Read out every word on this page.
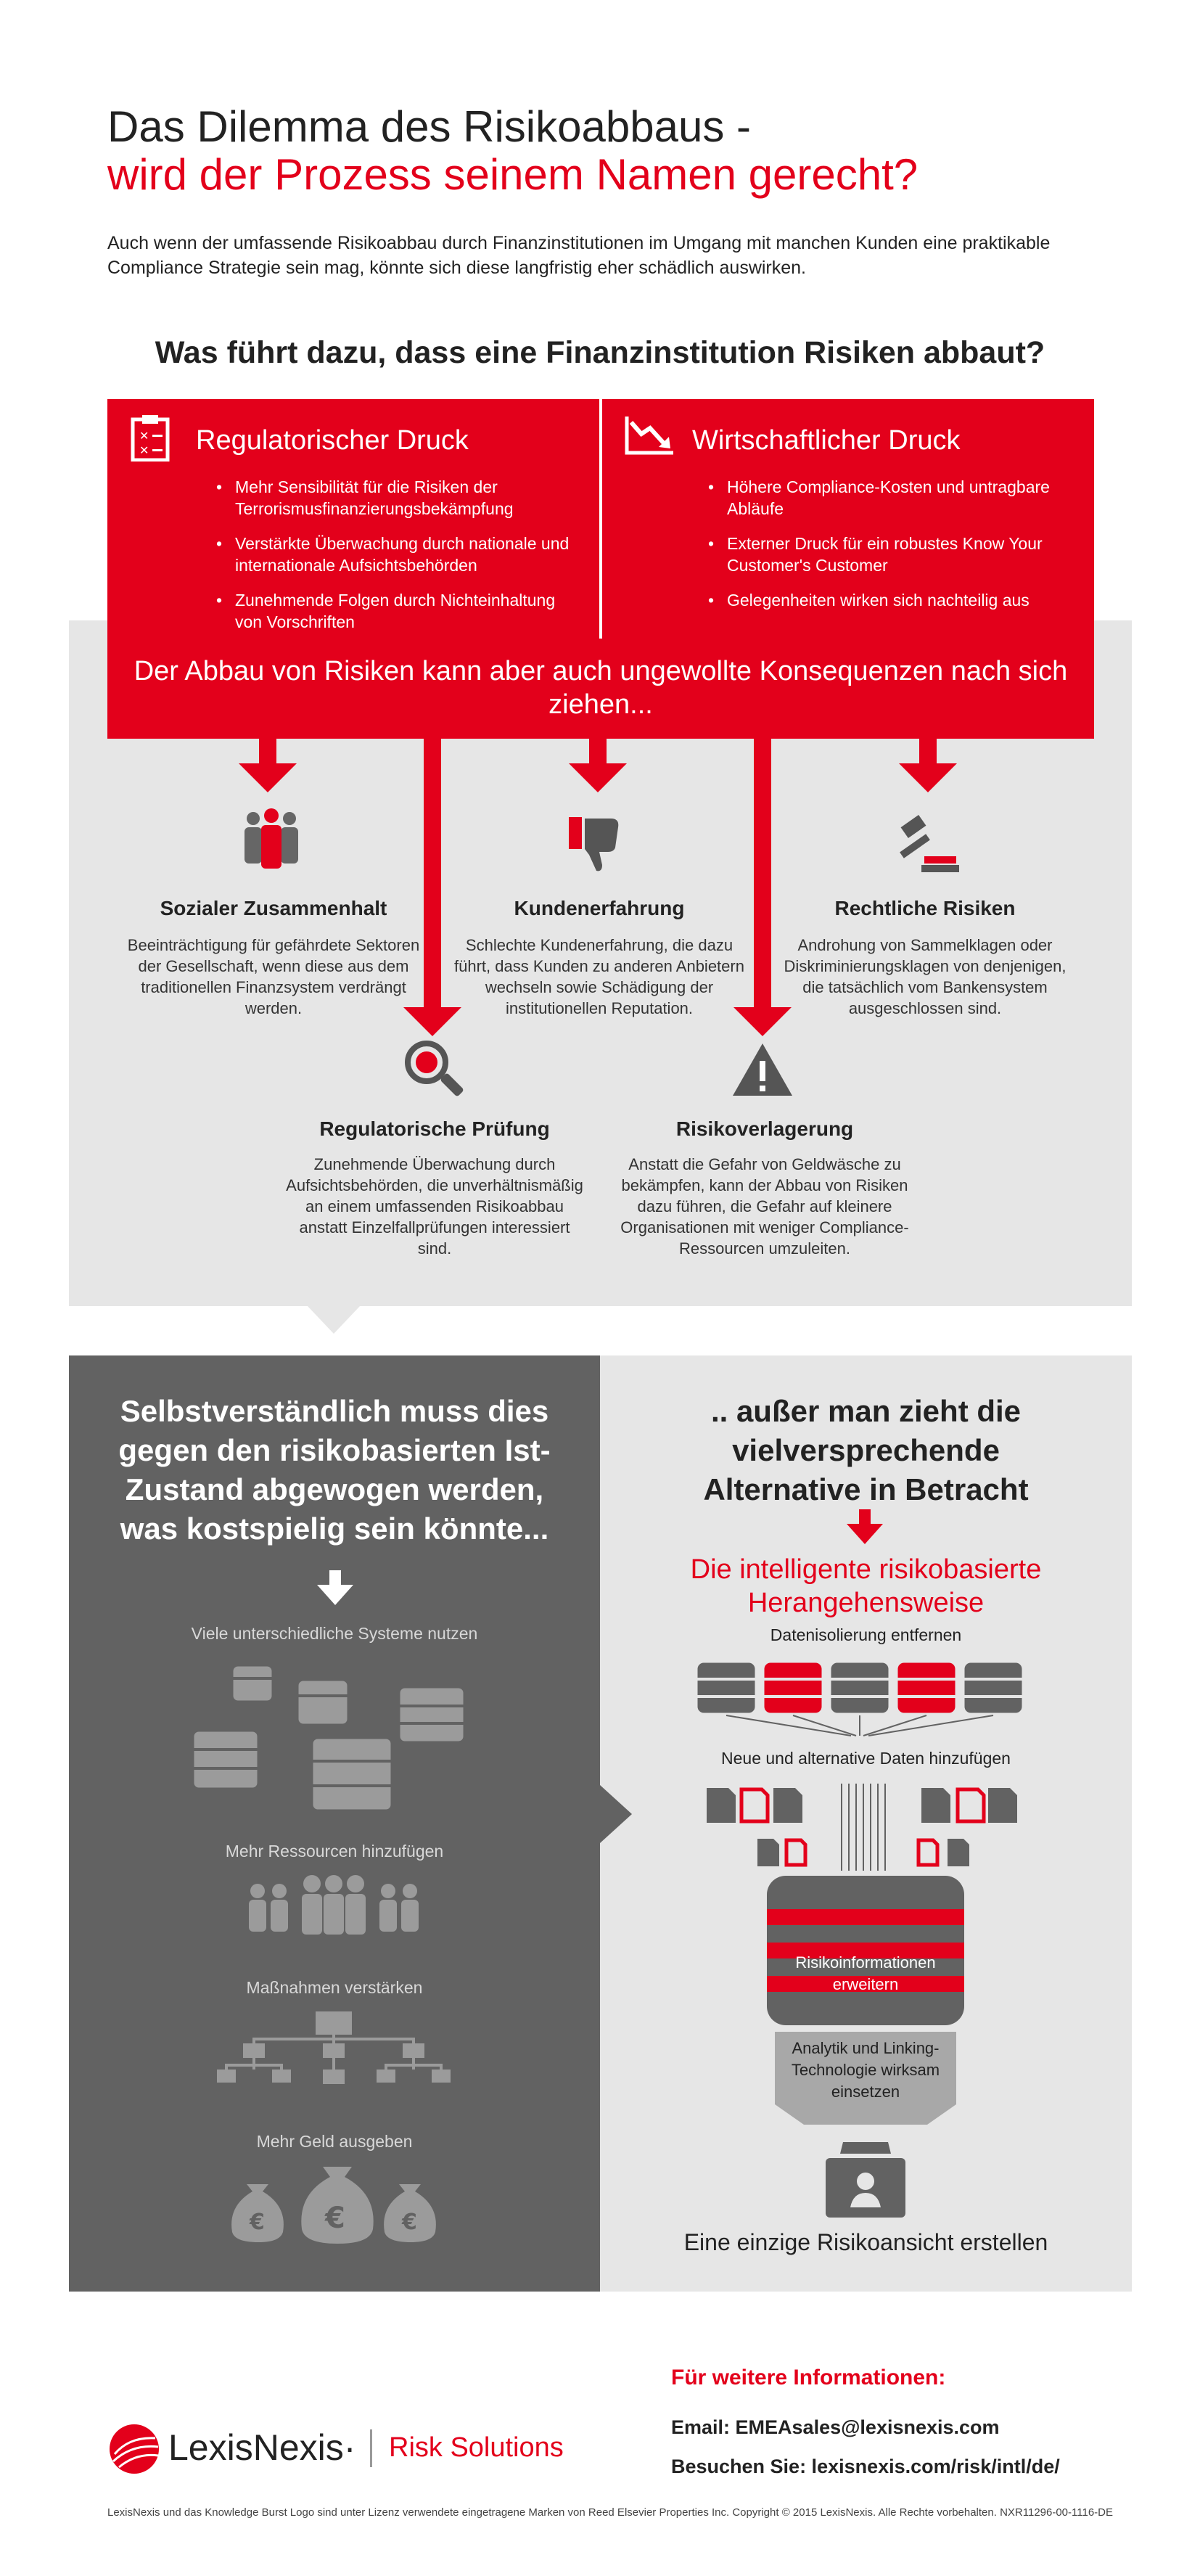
Das Dilemma des Risikoabbaus -
wird der Prozess seinem Namen gerecht?
Auch wenn der umfassende Risikoabbau durch Finanzinstitutionen im Umgang mit manchen Kunden eine praktikable Compliance Strategie sein mag, könnte sich diese langfristig eher schädlich auswirken.
Was führt dazu, dass eine Finanzinstitution Risiken abbaut?
✕
✕ Regulatorischer Druck
• Mehr Sensibilität für die Risiken der Terrorismusfinanzierungsbekämpfung
• Verstärkte Überwachung durch nationale und internationale Aufsichtsbehörden
• Zunehmende Folgen durch Nichteinhaltung von Vorschriften
Wirtschaftlicher Druck
• Höhere Compliance-Kosten und untragbare Abläufe
• Externer Druck für ein robustes Know Your Customer's Customer
• Gelegenheiten wirken sich nachteilig aus
Der Abbau von Risiken kann aber auch ungewollte Konsequenzen nach sich ziehen...
Sozialer Zusammenhalt
Beeinträchtigung für gefährdete Sektoren der Gesellschaft, wenn diese aus dem traditionellen Finanzsystem verdrängt werden.
Kundenerfahrung
Schlechte Kundenerfahrung, die dazu führt, dass Kunden zu anderen Anbietern wechseln sowie Schädigung der institutionellen Reputation.
Rechtliche Risiken
Androhung von Sammelklagen oder Diskriminierungsklagen von denjenigen, die tatsächlich vom Bankensystem ausgeschlossen sind.
Regulatorische Prüfung
Zunehmende Überwachung durch Aufsichtsbehörden, die unverhältnismäßig an einem umfassenden Risikoabbau anstatt Einzelfallprüfungen interessiert sind.
Risikoverlagerung
Anstatt die Gefahr von Geldwäsche zu bekämpfen, kann der Abbau von Risiken dazu führen, die Gefahr auf kleinere Organisationen mit weniger Compliance-Ressourcen umzuleiten.
Selbstverständlich muss dies gegen den risikobasierten Ist-Zustand abgewogen werden, was kostspielig sein könnte...
Viele unterschiedliche Systeme nutzen
Mehr Ressourcen hinzufügen
Maßnahmen verstärken
Mehr Geld ausgeben
€ €	€
.. außer man zieht die vielversprechende Alternative in Betracht
Die intelligente risikobasierte Herangehensweise
Datenisolierung entfernen
Neue und alternative Daten hinzufügen
Risikoinformationen erweitern
Analytik und Linking-Technologie wirksam einsetzen
Eine einzige Risikoansicht erstellen
LexisNexis· Risk Solutions
Für weitere Informationen:
Email: EMEAsales@lexisnexis.com
Besuchen Sie: lexisnexis.com/risk/intl/de/
LexisNexis und das Knowledge Burst Logo sind unter Lizenz verwendete eingetragene Marken von Reed Elsevier Properties Inc. Copyright © 2015 LexisNexis. Alle Rechte vorbehalten. NXR11296-00-1116-DE
